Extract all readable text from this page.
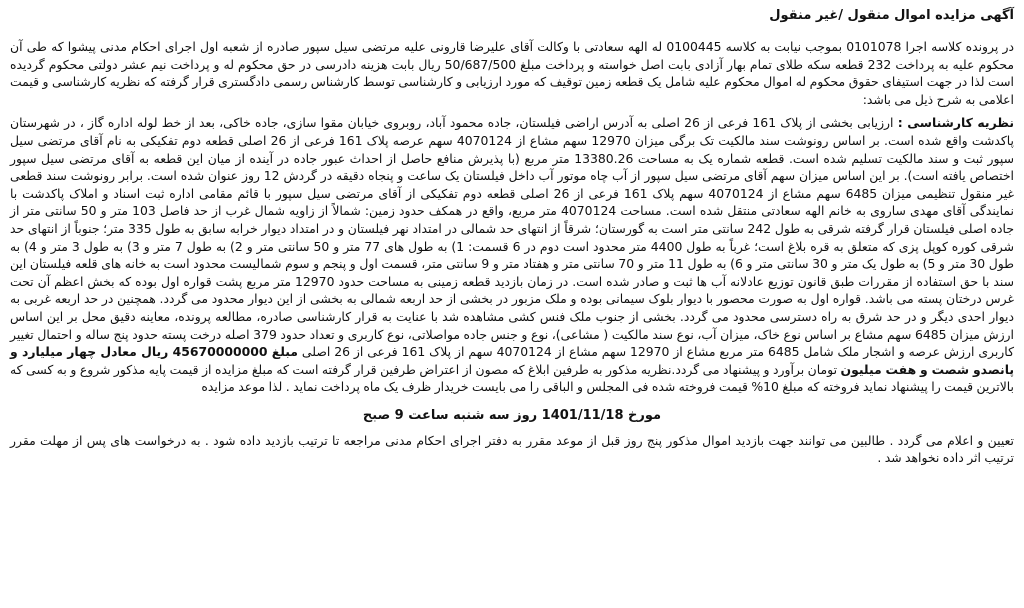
آگهی مزایده اموال منقول /غیر منقول

در پرونده کلاسه اجرا 0101078 بموجب نیابت به کلاسه 0100445 له الهه سعادتی با وکالت آقای علیرضا قارونی علیه مرتضی سیل سپور صادره از شعبه اول اجرای احکام مدنی پیشوا که طی آن محکوم علیه به پرداخت 232 قطعه سکه طلای تمام بهار آزادی بابت اصل خواسته و پرداخت مبلغ 50/687/500 ریال بابت هزینه دادرسی در حق محکوم له و پرداخت نیم عشر دولتی محکوم گردیده است لذا در جهت استیفای حقوق محکوم له اموال محکوم علیه شامل یک قطعه زمین توقیف که مورد ارزیابی و کارشناسی توسط کارشناس رسمی دادگستری قرار گرفته که نظریه کارشناسی و قیمت اعلامی به شرح ذیل می باشد:

نظریه کارشناسی : ارزیابی بخشی از پلاک 161 فرعی از 26 اصلی به آدرس اراضی فیلستان، جاده محمود آباد، روبروی خیابان مقوا سازی، جاده خاکی، بعد از خط لوله اداره گاز ، در شهرستان پاکدشت واقع شده است. بر اساس رونوشت سند مالکیت تک برگی میزان 12970 سهم مشاع از 4070124 سهم عرصه پلاک 161 فرعی از 26 اصلی قطعه دوم تفکیکی به نام آقای مرتضی سیل سپور ثبت و سند مالکیت تسلیم شده است. قطعه شماره یک به مساحت 13380.26 متر مربع (با پذیرش منافع حاصل از احداث عبور جاده در آینده از میان این قطعه به آقای مرتضی سیل سپور اختصاص یافته است). بر این اساس میزان سهم آقای مرتضی سیل سپور از آب چاه موتور آب داخل فیلستان یک ساعت و پنجاه دقیقه در گردش 12 روز عنوان شده است. برابر رونوشت سند قطعی غیر منقول تنظیمی میزان 6485 سهم مشاع از 4070124 سهم پلاک 161 فرعی از 26 اصلی قطعه دوم تفکیکی از آقای مرتضی سیل سپور با قائم مقامی اداره ثبت اسناد و املاک پاکدشت با نمایندگی آقای مهدی ساروی به خانم الهه سعادتی منتقل شده است. مساحت 4070124 متر مربع، واقع در همکف حدود زمین: شمالاً از زاویه شمال غرب از حد فاصل 103 متر و 50 سانتی متر از جاده اصلی فیلستان قرار گرفته شرقی به طول 242 سانتی متر است به گورستان؛ شرقاً از انتهای حد شمالی در امتداد نهر فیلستان و در امتداد دیوار خرابه سابق به طول 335 متر؛ جنوباً از انتهای حد شرقی کوره کوپل پزی که متعلق به قره بلاغ است؛ غرباً به طول 4400 متر محدود است دوم در 6 قسمت: 1) به طول های 77 متر و 50 سانتی متر و 2) به طول 7 متر و 3) به طول 3 متر و 4) به طول 30 متر و 5) به طول یک متر و 30 سانتی متر و 6) به طول 11 متر و 70 سانتی متر و هفتاد متر و 9 سانتی متر، قسمت اول و پنجم و سوم شمالیست محدود است به خانه های قلعه فیلستان این سند با حق استفاده از مقررات طبق قانون توزیع عادلانه آب ها ثبت و صادر شده است. در زمان بازدید قطعه زمینی به مساحت حدود 12970 متر مربع پشت قواره اول بوده که بخش اعظم آن تحت غرس درختان پسته می باشد. قواره اول به صورت محصور با دیوار بلوک سیمانی بوده و ملک مزبور در بخشی از حد اربعه شمالی به بخشی از این دیوار محدود می گردد. همچنین در حد اربعه غربی به دیوار احدی دیگر و در حد شرق به راه دسترسی محدود می گردد. بخشی از جنوب ملک فنس کشی مشاهده شد با عنایت به قرار کارشناسی صادره، مطالعه پرونده، معاینه دقیق محل بر این اساس ارزش میزان 6485 سهم مشاع بر اساس نوع خاک، میزان آب، نوع سند مالکیت ( مشاعی)، نوع و جنس جاده مواصلاتی، نوع کاربری و تعداد حدود 379 اصله درخت پسته حدود پنج ساله و احتمال تغییر کاربری ارزش عرصه و اشجار ملک شامل 6485 متر مربع مشاع از 12970 سهم مشاع از 4070124 سهم از پلاک 161 فرعی از 26 اصلی مبلغ 45670000000 ریال معادل چهار میلیارد و پانصدو شصت و هفت میلیون تومان برآورد و پیشنهاد می گردد.نظریه مذکور به طرفین ابلاغ که مصون از اعتراض طرفین قرار گرفته است که مبلغ مزایده از قیمت پایه مذکور شروع و به کسی که بالاترین قیمت را پیشنهاد نماید فروخته که مبلغ 10% قیمت فروخته شده فی المجلس و الباقی را می بایست خریدار ظرف یک ماه پرداخت نماید . لذا موعد مزایده

مورخ 1401/11/18 روز سه شنبه ساعت 9 صبح

تعیین و اعلام می گردد . طالبین می توانند جهت بازدید اموال مذکور پنج روز قبل از موعد مقرر به دفتر اجرای احکام مدنی مراجعه تا ترتیب بازدید داده شود . به درخواست های پس از مهلت مقرر ترتیب اثر داده نخواهد شد .
